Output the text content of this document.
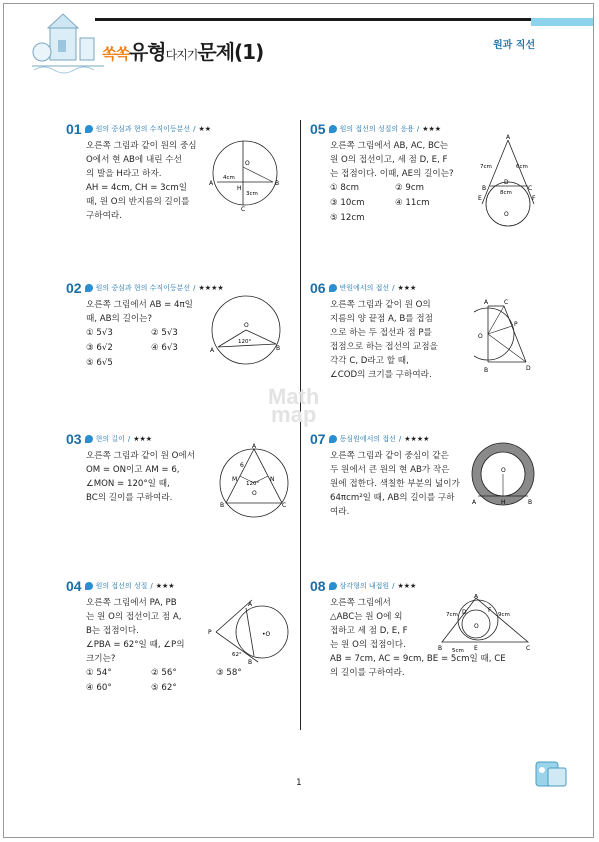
쏙쏙유형다지기문제(1)	원과 직선
01 원의 중심과 현의 수직이등분선 / ★★
오른쪽 그림과 같이 원의 중심
O에서 현 AB에 내린 수선
의 발을 H라고 하자.
AH = 4cm, CH = 3cm일
때, 원 O의 반지름의 길이를
구하여라.
A	B
C
O
H
4cm
3cm
02 원의 중심과 현의 수직이등분선 / ★★★★
오른쪽 그림에서 AB = 4π일
때, AB의 길이는?
① 5√3	② 5√3
③ 6√2	④ 6√3
⑤ 6√5
A	B
O
120°
03 현의 길이 / ★★★
오른쪽 그림과 같이 원 O에서
OM = ON이고 AM = 6,
∠MON = 120°일 때,
BC의 길이를 구하여라.
A
B	C
M	N
O
6
120°
04 원의 접선의 성질 / ★★★
오른쪽 그림에서 PA, PB
는 원 O의 접선이고 점 A,
B는 접점이다.
∠PBA = 62°일 때, ∠P의
크기는?
① 54°	② 56°	③ 58°
④ 60°	⑤ 62°
P
A
B
•O
62°
05 원의 접선의 성질의 응용 / ★★★
오른쪽 그림에서 AB, AC, BC는
원 O의 접선이고, 세 점 D, E, F
는 접점이다. 이때, AE의 길이는?
① 8cm	② 9cm
③ 10cm	④ 11cm
⑤ 12cm
A
B	C
D
E	F
O
7cm	6cm
8cm
06 반원에서의 접선 / ★★★
오른쪽 그림과 같이 원 O의
지름의 양 끝점 A, B를 접점
으로 하는 두 접선과 점 P를
접점으로 하는 접선의 교점을
각각 C, D라고 할 때,
∠COD의 크기를 구하여라.
A
B
C
D
P
O
07 동심원에서의 접선 / ★★★★
오른쪽 그림과 같이 중심이 같은
두 원에서 큰 원의 현 AB가 작은
원에 접한다. 색칠한 부분의 넓이가
64πcm²일 때, AB의 길이를 구하
여라.
O
A	B
H
08 삼각형의 내접원 / ★★★
오른쪽 그림에서
△ABC는 원 O에 외
접하고 세 점 D, E, F
는 원 O의 접점이다.
AB = 7cm, AC = 9cm, BE = 5cm일 때, CE
의 길이를 구하여라.
A
B	C
D
E
F
O
7cm	9cm
5cm
Math
map
1
